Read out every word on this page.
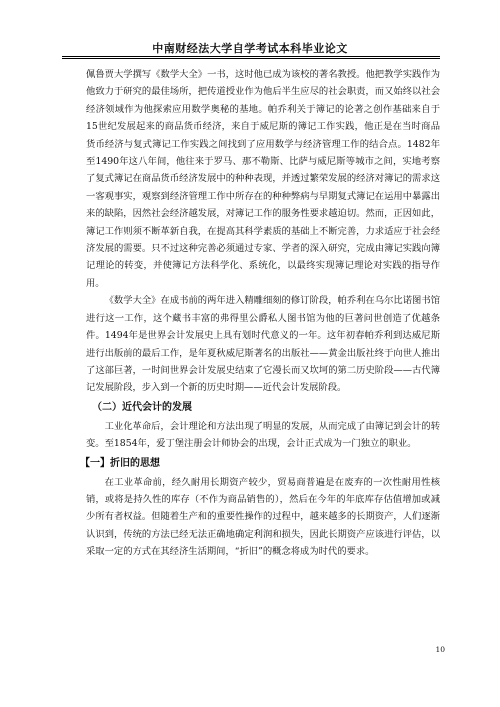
中南财经法大学自学考试本科毕业论文

佩鲁贾大学撰写《数学大全》一书，这时他已成为该校的著名教授。他把教学实践作为他致力于研究的最佳场所，把传道授业作为他后半生应尽的社会职责，而又始终以社会经济领域作为他探索应用数学奥秘的基地。帕乔利关于簿记的论著之创作基础来自于15世纪发展起来的商品货币经济，来自于威尼斯的簿记工作实践，他正是在当时商品货币经济与复式簿记工作实践之间找到了应用数学与经济管理工作的结合点。1482年至1490年这八年间，他往来于罗马、那不勒斯、比萨与威尼斯等城市之间，实地考察了复式簿记在商品货币经济发展中的种种表现，并透过繁荣发展的经济对簿记的需求这一客观事实，观察到经济管理工作中所存在的种种弊病与早期复式簿记在运用中暴露出来的缺陷，因然社会经济越发展，对簿记工作的服务性要求越迫切。然而，正因如此，簿记工作则须不断革新自我，在提高其科学素质的基础上不断完善，力求适应于社会经济发展的需要。只不过这种完善必须通过专家、学者的深入研究，完成由簿记实践向簿记理论的转变，并使簿记方法科学化、系统化，以最终实现簿记理论对实践的指导作用。

《数学大全》在成书前的两年进入精雕细刻的修订阶段，帕乔利在乌尔比诺图书馆进行这一工作，这个藏书丰富的弗得里公爵私人图书馆为他的巨著问世创造了优越条件。1494年是世界会计发展史上具有划时代意义的一年。这年初春帕乔利到达威尼斯进行出版前的最后工作，是年夏秋威尼斯著名的出版社——黄金出版社终于向世人推出了这部巨著，一时间世界会计发展史结束了它漫长而又坎坷的第二历史阶段——古代簿记发展阶段，步入到一个新的历史时期——近代会计发展阶段。

（二）近代会计的发展

工业化革命后，会计理论和方法出现了明显的发展，从而完成了由簿记到会计的转变。至1854年，爱丁堡注册会计师协会的出现，会计正式成为一门独立的职业。

【一】折旧的思想

在工业革命前，经久耐用长期资产较少，贸易商普遍是在废弃的一次性耐用性核销，或将是持久性的库存（不作为商品销售的），然后在今年的年底库存估值增加或减少所有者权益。但随着生产和的重要性操作的过程中，越来越多的长期资产，人们逐渐认识到，传统的方法已经无法正确地确定利润和损失，因此长期资产应该进行评估，以采取一定的方式在其经济生活期间，“折旧”的概念将成为时代的要求。

10
